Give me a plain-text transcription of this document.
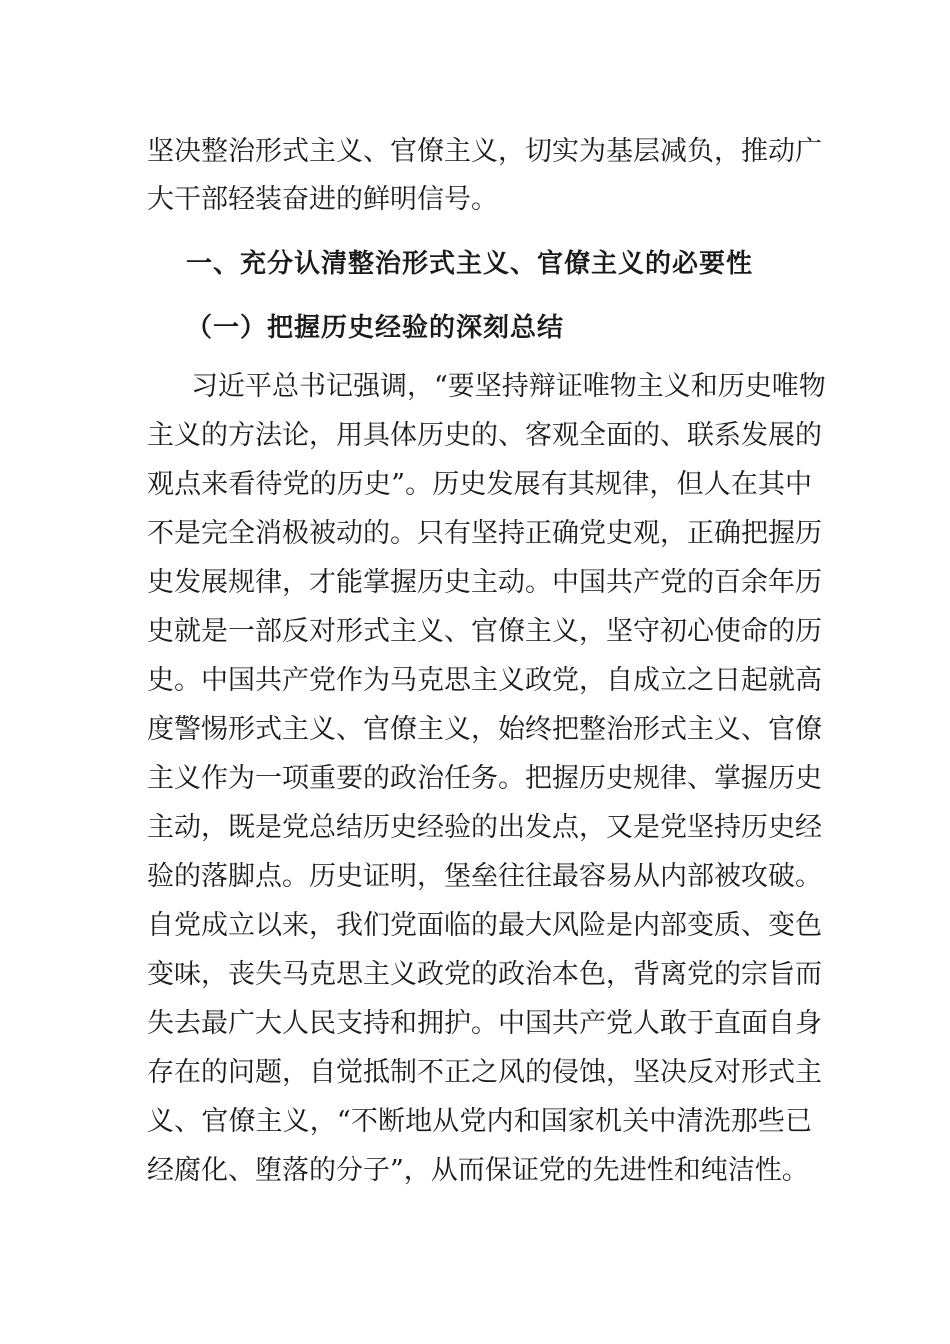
坚决整治形式主义、官僚主义，切实为基层减负，推动广
大干部轻装奋进的鲜明信号。
一、充分认清整治形式主义、官僚主义的必要性
（一）把握历史经验的深刻总结
习近平总书记强调，“要坚持辩证唯物主义和历史唯物
主义的方法论，用具体历史的、客观全面的、联系发展的
观点来看待党的历史”。历史发展有其规律，但人在其中
不是完全消极被动的。只有坚持正确党史观，正确把握历
史发展规律，才能掌握历史主动。中国共产党的百余年历
史就是一部反对形式主义、官僚主义，坚守初心使命的历
史。中国共产党作为马克思主义政党，自成立之日起就高
度警惕形式主义、官僚主义，始终把整治形式主义、官僚
主义作为一项重要的政治任务。把握历史规律、掌握历史
主动，既是党总结历史经验的出发点，又是党坚持历史经
验的落脚点。历史证明，堡垒往往最容易从内部被攻破。
自党成立以来，我们党面临的最大风险是内部变质、变色
变味，丧失马克思主义政党的政治本色，背离党的宗旨而
失去最广大人民支持和拥护。中国共产党人敢于直面自身
存在的问题，自觉抵制不正之风的侵蚀，坚决反对形式主
义、官僚主义，“不断地从党内和国家机关中清洗那些已
经腐化、堕落的分子”，从而保证党的先进性和纯洁性。
